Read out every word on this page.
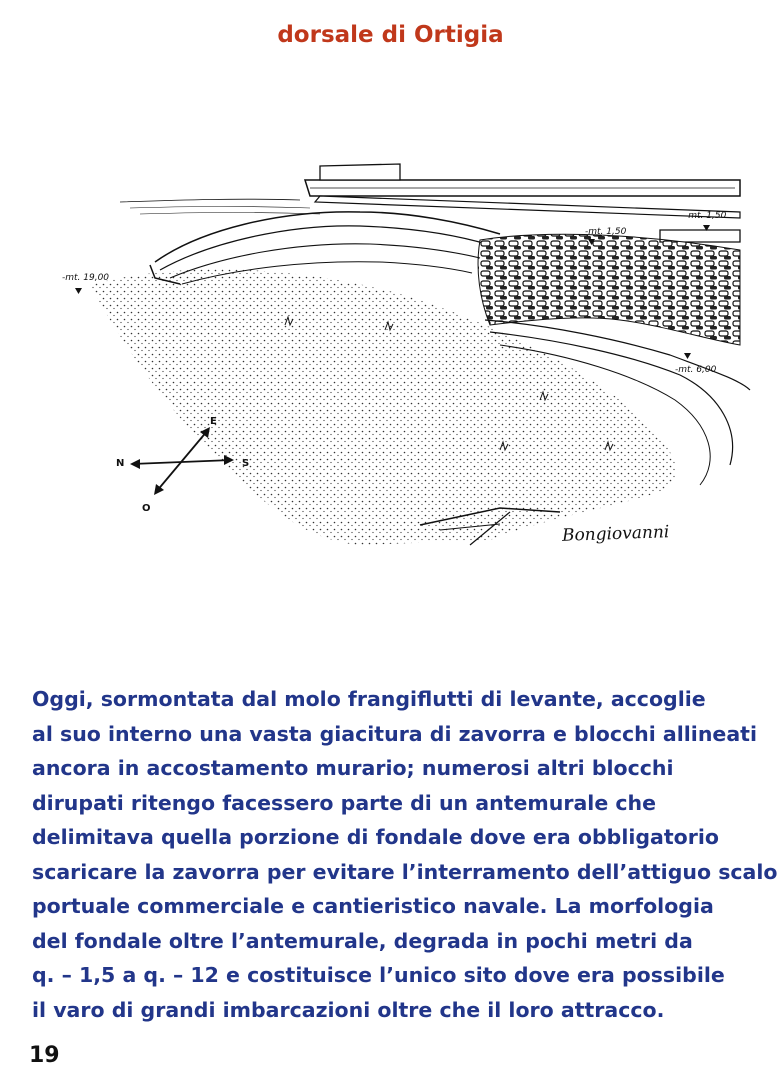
dorsale di Ortigia
-mt. 19,00
-mt. 1,50
-mt. 1,50
-mt. 6,00
N	S
E
O
Bongiovanni
Oggi, sormontata dal molo frangiflutti di levante, accoglie
al suo interno una vasta giacitura di zavorra e blocchi allineati
ancora in accostamento murario; numerosi altri blocchi
dirupati ritengo facessero parte di un antemurale che
delimitava quella porzione di fondale dove era obbligatorio
scaricare la zavorra per evitare l’interramento dell’attiguo scalo
portuale commerciale e cantieristico navale. La morfologia
del fondale oltre l’antemurale, degrada in pochi metri da
q. – 1,5 a q. – 12 e costituisce l’unico sito dove era possibile
il varo di grandi imbarcazioni oltre che il loro attracco.
19
